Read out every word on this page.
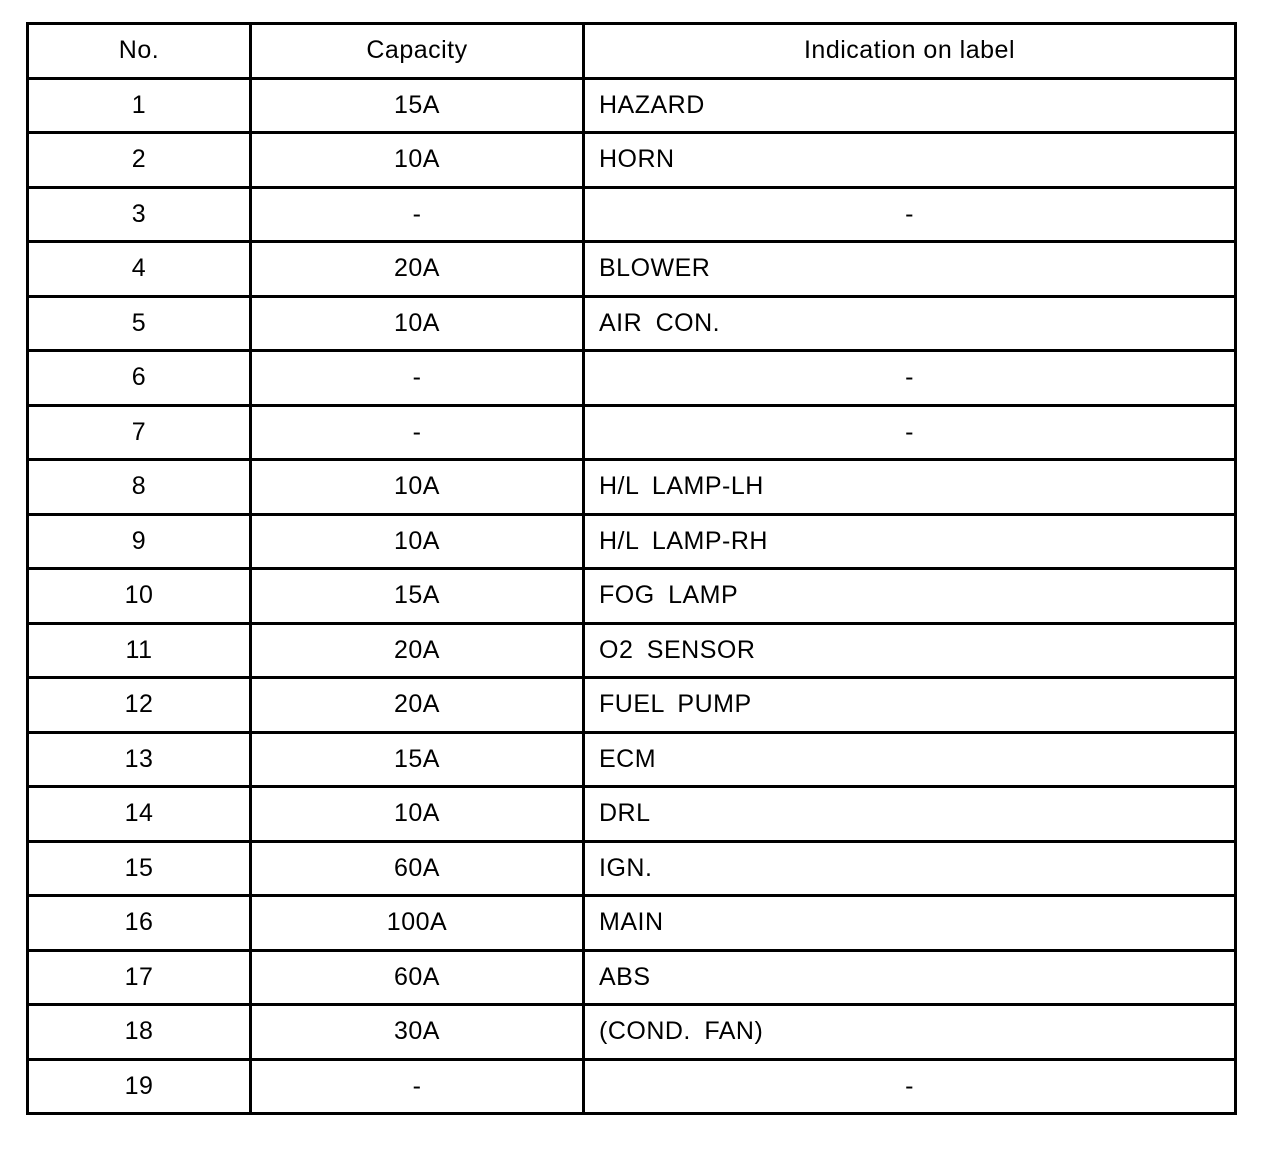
No.	Capacity	Indication on label
1	15A	HAZARD
2	10A	HORN
3	-	-
4	20A	BLOWER
5	10A	AIR CON.
6	-	-
7	-	-
8	10A	H/L LAMP-LH
9	10A	H/L LAMP-RH
10	15A	FOG LAMP
11	20A	O2 SENSOR
12	20A	FUEL PUMP
13	15A	ECM
14	10A	DRL
15	60A	IGN.
16	100A	MAIN
17	60A	ABS
18	30A	(COND. FAN)
19	-	-
